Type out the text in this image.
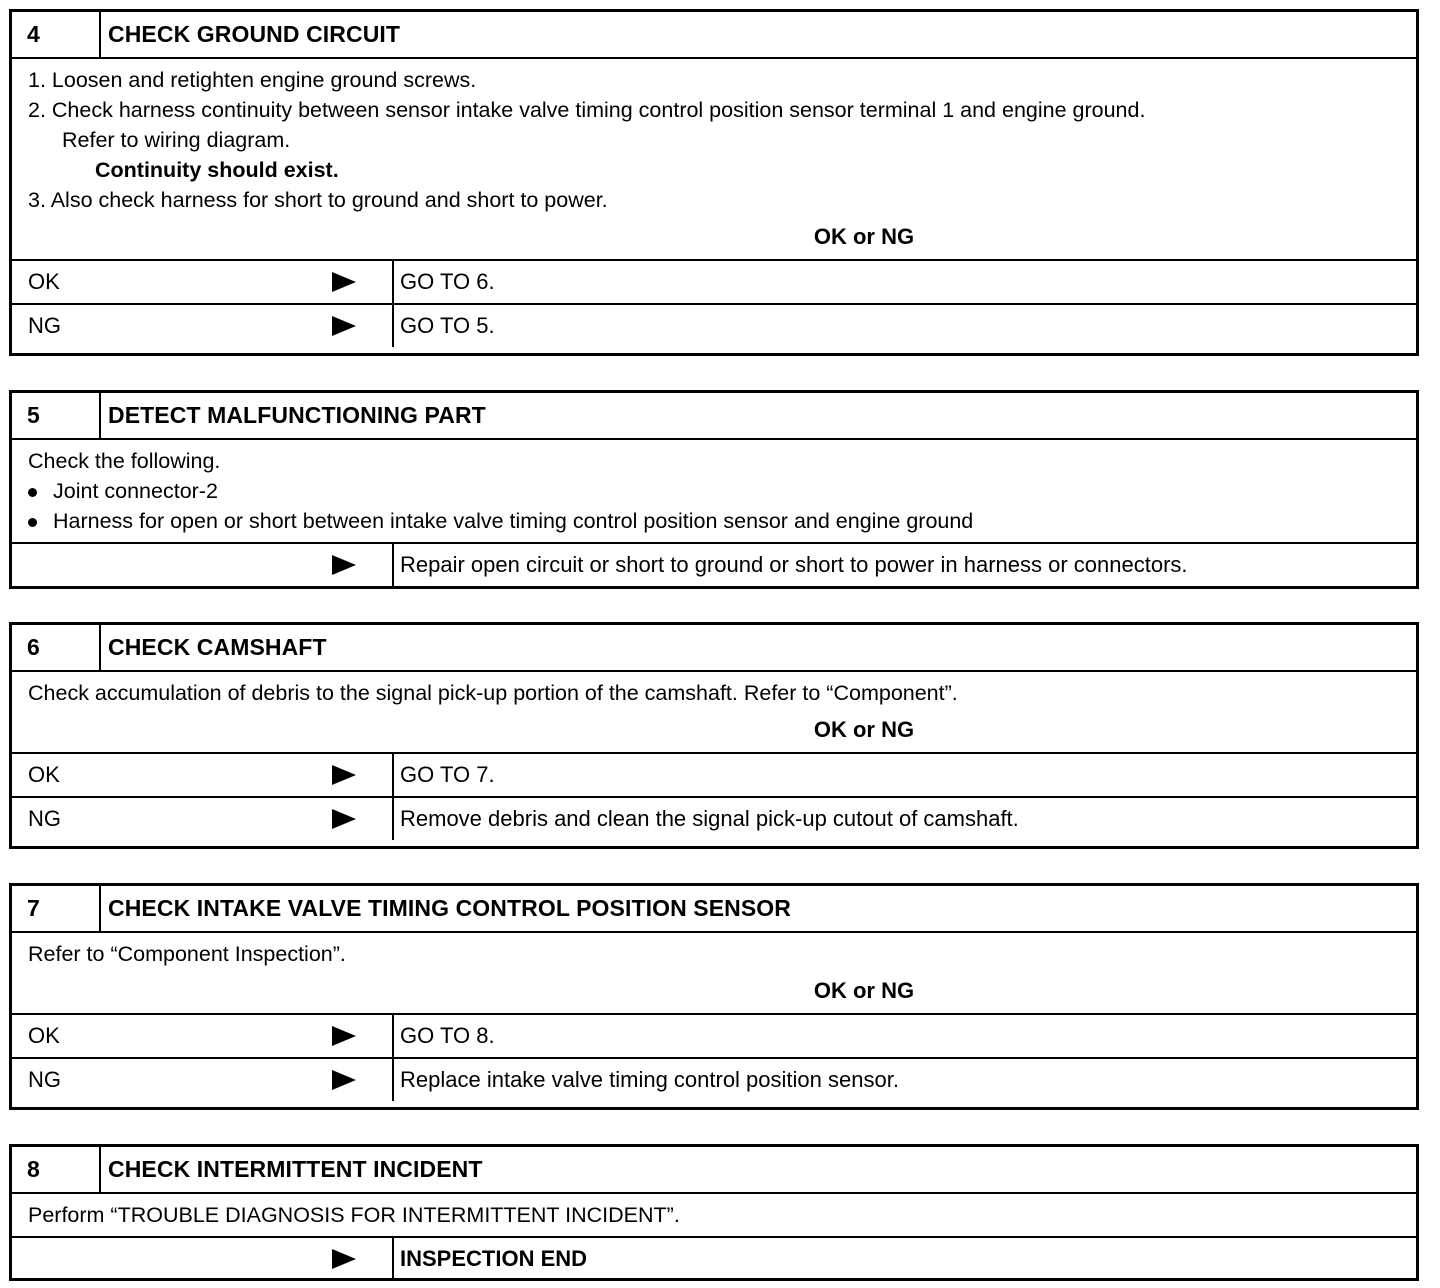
4	CHECK GROUND CIRCUIT
1. Loosen and retighten engine ground screws.
2. Check harness continuity between sensor intake valve timing control position sensor terminal 1 and engine ground.
Refer to wiring diagram.
Continuity should exist.
3. Also check harness for short to ground and short to power.
OK or NG
OK	GO TO 6.
NG	GO TO 5.
5	DETECT MALFUNCTIONING PART
Check the following.
Joint connector-2
Harness for open or short between intake valve timing control position sensor and engine ground
Repair open circuit or short to ground or short to power in harness or connectors.
6	CHECK CAMSHAFT
Check accumulation of debris to the signal pick-up portion of the camshaft. Refer to “Component”.
OK or NG
OK	GO TO 7.
NG	Remove debris and clean the signal pick-up cutout of camshaft.
7	CHECK INTAKE VALVE TIMING CONTROL POSITION SENSOR
Refer to “Component Inspection”.
OK or NG
OK	GO TO 8.
NG	Replace intake valve timing control position sensor.
8	CHECK INTERMITTENT INCIDENT
Perform “TROUBLE DIAGNOSIS FOR INTERMITTENT INCIDENT”.
INSPECTION END
